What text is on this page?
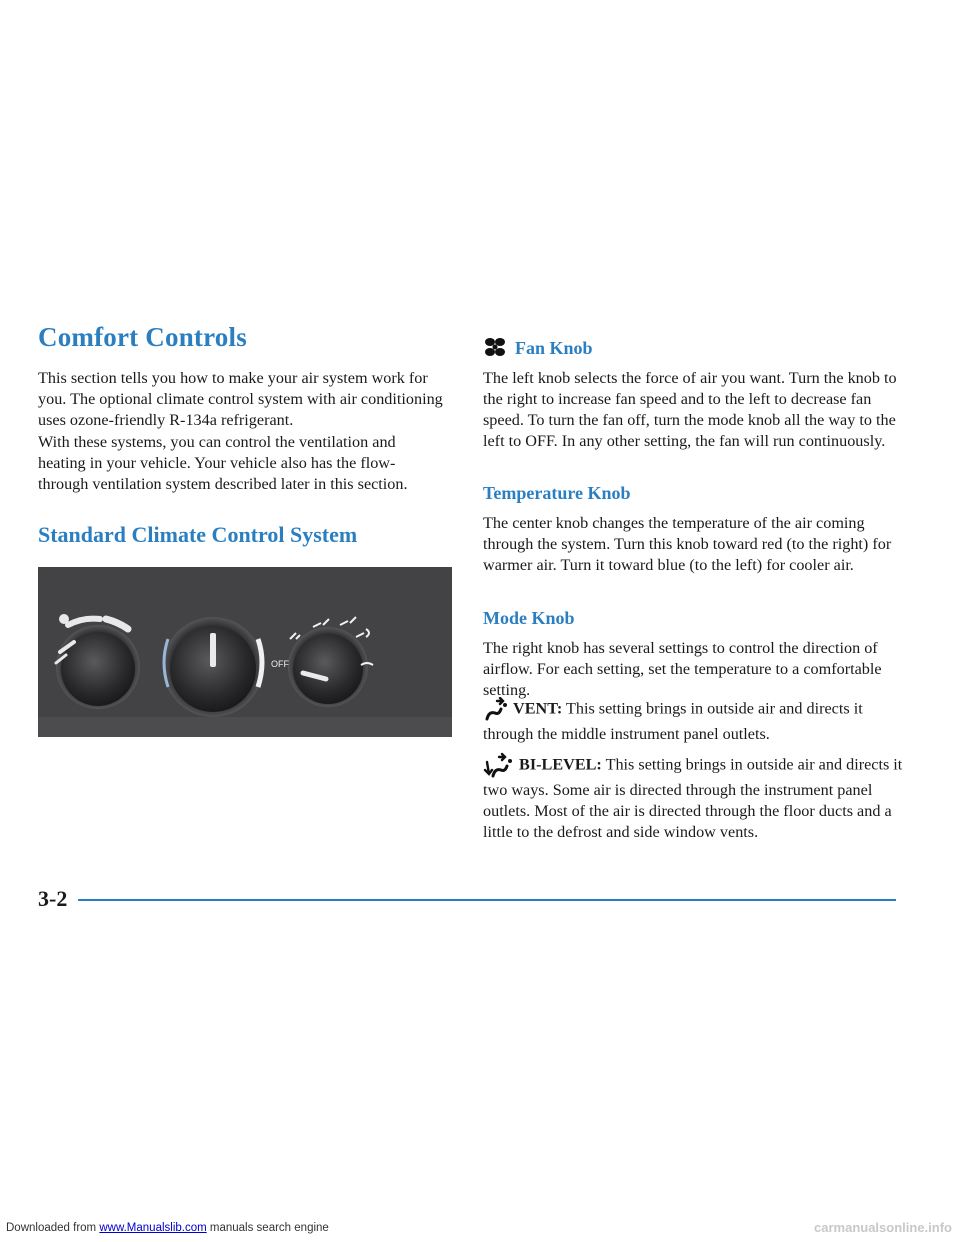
Comfort Controls

This section tells you how to make your air system work for you. The optional climate control system with air conditioning uses ozone-friendly R-134a refrigerant.

With these systems, you can control the ventilation and heating in your vehicle. Your vehicle also has the flow-through ventilation system described later in this section.

Standard Climate Control System
OFF
Fan Knob

The left knob selects the force of air you want. Turn the knob to the right to increase fan speed and to the left to decrease fan speed. To turn the fan off, turn the mode knob all the way to the left to OFF. In any other setting, the fan will run continuously.

Temperature Knob

The center knob changes the temperature of the air coming through the system. Turn this knob toward red (to the right) for warmer air. Turn it toward blue (to the left) for cooler air.

Mode Knob

The right knob has several settings to control the direction of airflow. For each setting, set the temperature to a comfortable setting.

VENT: This setting brings in outside air and directs it through the middle instrument panel outlets.

BI-LEVEL: This setting brings in outside air and directs it two ways. Some air is directed through the instrument panel outlets. Most of the air is directed through the floor ducts and a little to the defrost and side window vents.

3-2

Downloaded from www.Manualslib.com manuals search engine	carmanualsonline.info
